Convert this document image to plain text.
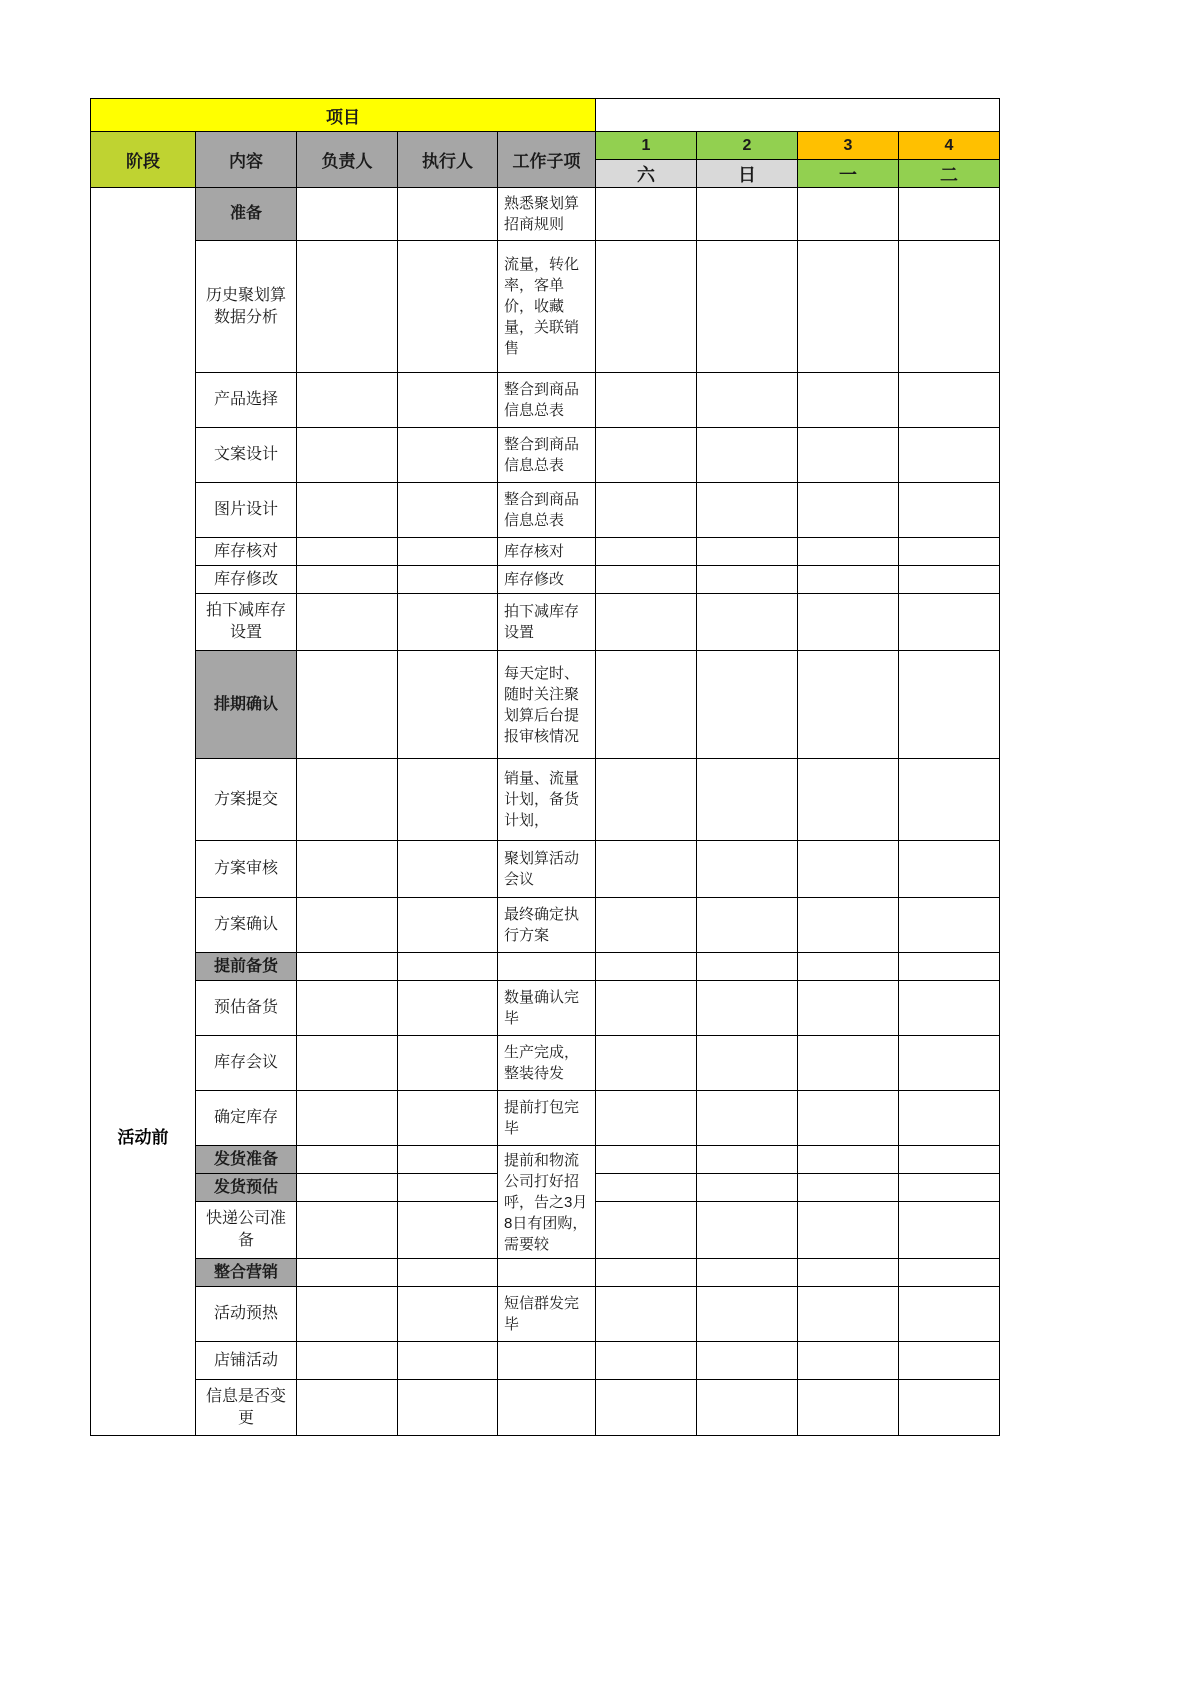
项目								
阶段	内容	负责人	执行人	工作子项	1	2	3	4
					六	日	一	二

活动前	准备			熟悉聚划算招商规则				
	历史聚划算数据分析			流量，转化率，客单价，收藏量，关联销售				
	产品选择			整合到商品信息总表				
	文案设计			整合到商品信息总表				
	图片设计			整合到商品信息总表				
	库存核对			库存核对				
	库存修改			库存修改				
	拍下减库存设置			拍下减库存设置				
	排期确认			每天定时、随时关注聚划算后台提报审核情况				
	方案提交			销量、流量计划，备货计划，				
	方案审核			聚划算活动会议				
	方案确认			最终确定执行方案				
	提前备货							
	预估备货			数量确认完毕				
	库存会议			生产完成，整装待发				
	确定库存			提前打包完毕				
	发货准备			提前和物流公司打好招呼，告之3月8日有团购，需要较				
	发货预估							
	快递公司准备							
	整合营销							
	活动预热			短信群发完毕				
	店铺活动							
	信息是否变更							
